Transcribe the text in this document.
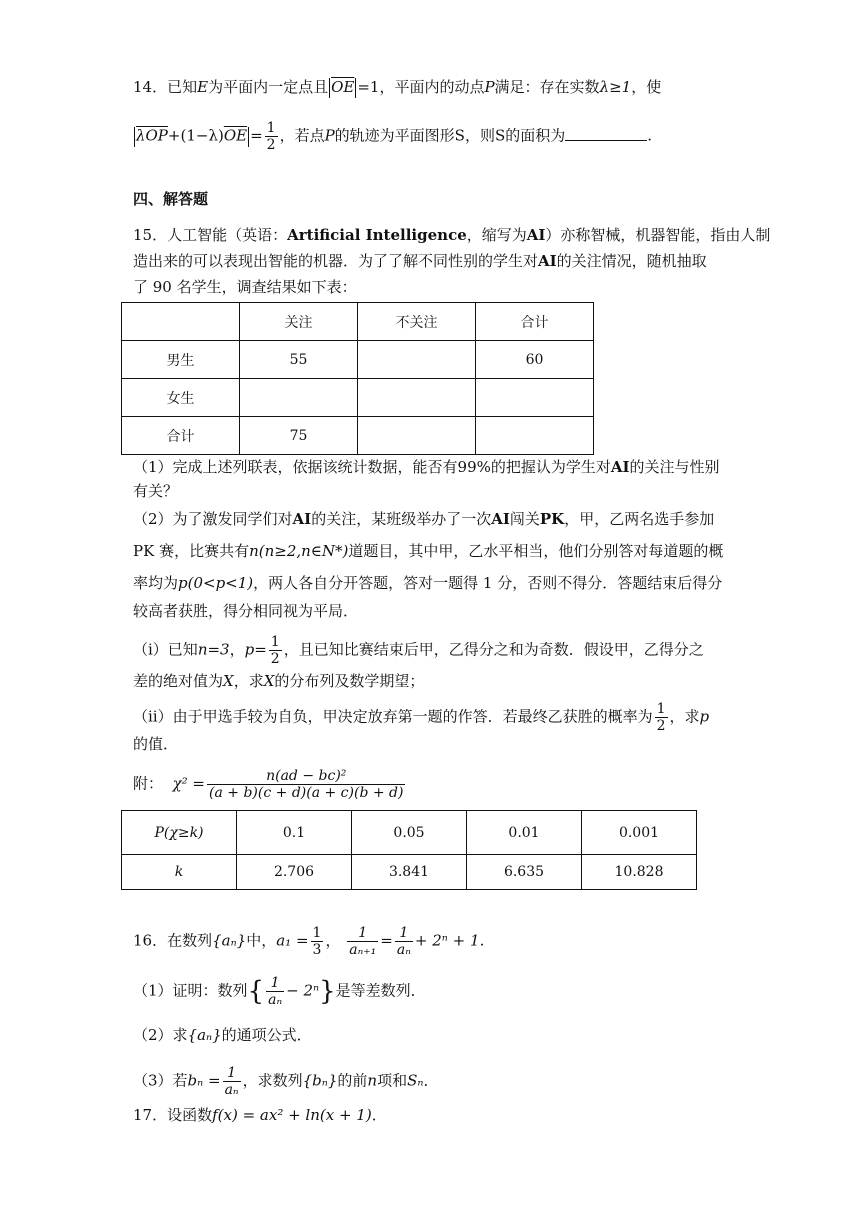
14．已知E为平面内一定点且 $\overline{OE} =1$，平面内的动点P满足：存在实数λ≥1，使
$\overline{\lambda OP}+(1-\lambda)\overline{OE} = \frac{1}{2}$ ，若点P的轨迹为平面图形S，则S的面积为	.
四、解答题
15．人工智能（英语：Artificial Intelligence，缩写为AI）亦称智械，机器智能，指由人制
造出来的可以表现出智能的机器．为了了解不同性别的学生对AI的关注情况，随机抽取
了 90 名学生，调查结果如下表：
	关注	不关注	合计
男生	55		60
女生			
合计	75		
（1）完成上述列联表，依据该统计数据，能否有99%的把握认为学生对AI的关注与性别
有关？
（2）为了激发同学们对AI的关注，某班级举办了一次AI闯关PK，甲，乙两名选手参加
PK 赛，比赛共有n(n≥2,n∈N*)道题目，其中甲，乙水平相当，他们分别答对每道题的概
率均为p(0<p<1)，两人各自分开答题，答对一题得 1 分，否则不得分．答题结束后得分
较高者获胜，得分相同视为平局．
（ⅰ）已知n=3，$p= \frac{1}{2}$ ，且已知比赛结束后甲，乙得分之和为奇数．假设甲，乙得分之
差的绝对值为X，求X的分布列及数学期望；
（ⅱ）由于甲选手较为自负，甲决定放弃第一题的作答．若最终乙获胜的概率为 $\frac{1}{2}$ ，求p
的值．
附： $\chi^2 = \frac{\text{n(ad − bc)²}}{(a + b)(c + d)(a + c)(b + d)}$
P(χ≥k)	0.1	0.05	0.01	0.001
k	2.706	3.841	6.635	10.828
16．在数列{aₙ}中，$a_1 = \frac{1}{3}$ ， $\frac{1}{\text{aₙ₊₁}} = \frac{1}{\text{aₙ}} + 2^n + 1$．
（1）证明：数列{ $\frac{1}{\text{aₙ}} - 2^n$}是等差数列．
（2）求{aₙ}的通项公式．
（3）若$b_n = \frac{1}{\text{aₙ}}$ ，求数列{bₙ}的前n项和Sₙ．
17．设函数f(x) = ax² + ln(x + 1)．
